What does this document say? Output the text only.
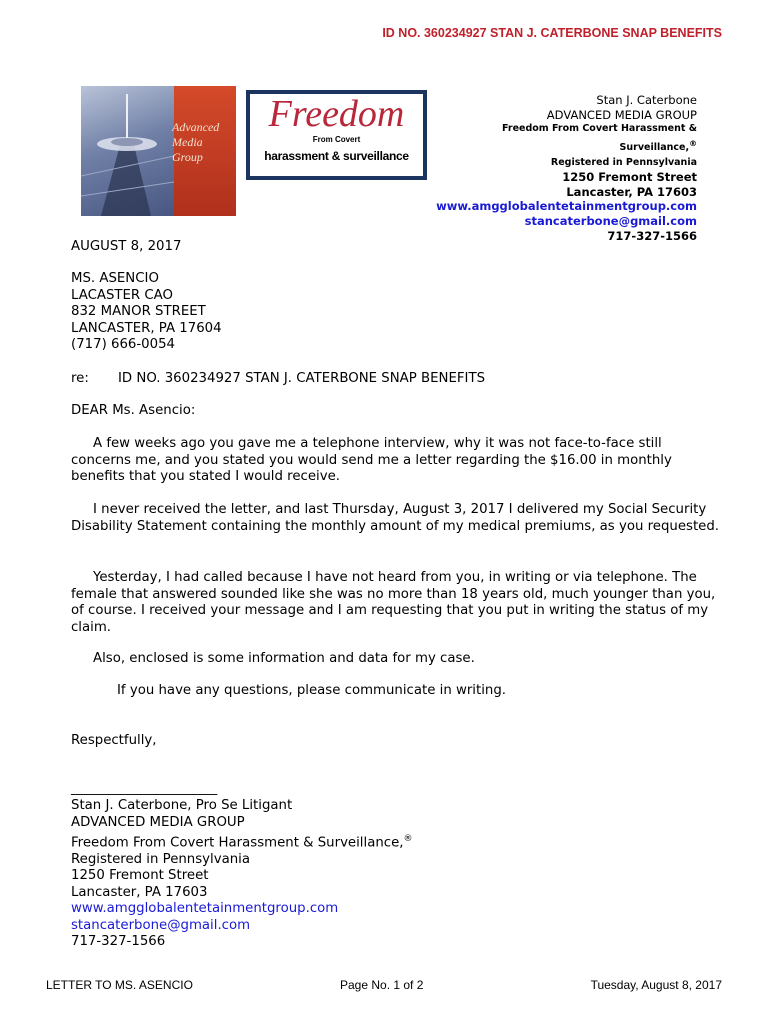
ID NO. 360234927 STAN J. CATERBONE SNAP BENEFITS
Advanced Media Group
Freedom
From Covert
harassment & surveillance
Stan J. Caterbone
ADVANCED MEDIA GROUP
Freedom From Covert Harassment &
Surveillance,®
Registered in Pennsylvania
1250 Fremont Street
Lancaster, PA 17603
www.amgglobalentetainmentgroup.com
stancaterbone@gmail.com
717-327-1566
AUGUST 8, 2017
MS. ASENCIO
LACASTER CAO
832 MANOR STREET
LANCASTER, PA 17604
(717) 666-0054
re: ID NO. 360234927 STAN J. CATERBONE SNAP BENEFITS
DEAR Ms. Asencio:

A few weeks ago you gave me a telephone interview, why it was not face-to-face still concerns me, and you stated you would send me a letter regarding the $16.00 in monthly benefits that you stated I would receive.

I never received the letter, and last Thursday, August 3, 2017 I delivered my Social Security Disability Statement containing the monthly amount of my medical premiums, as you requested.

Yesterday, I had called because I have not heard from you, in writing or via telephone. The female that answered sounded like she was no more than 18 years old, much younger than you, of course. I received your message and I am requesting that you put in writing the status of my claim.

Also, enclosed is some information and data for my case.

If you have any questions, please communicate in writing.

Respectfully,
______________________
Stan J. Caterbone, Pro Se Litigant
ADVANCED MEDIA GROUP
Freedom From Covert Harassment & Surveillance,®
Registered in Pennsylvania
1250 Fremont Street
Lancaster, PA 17603
www.amgglobalentetainmentgroup.com
stancaterbone@gmail.com
717-327-1566
LETTER TO MS. ASENCIO	Page No. 1 of 2	Tuesday, August 8, 2017
